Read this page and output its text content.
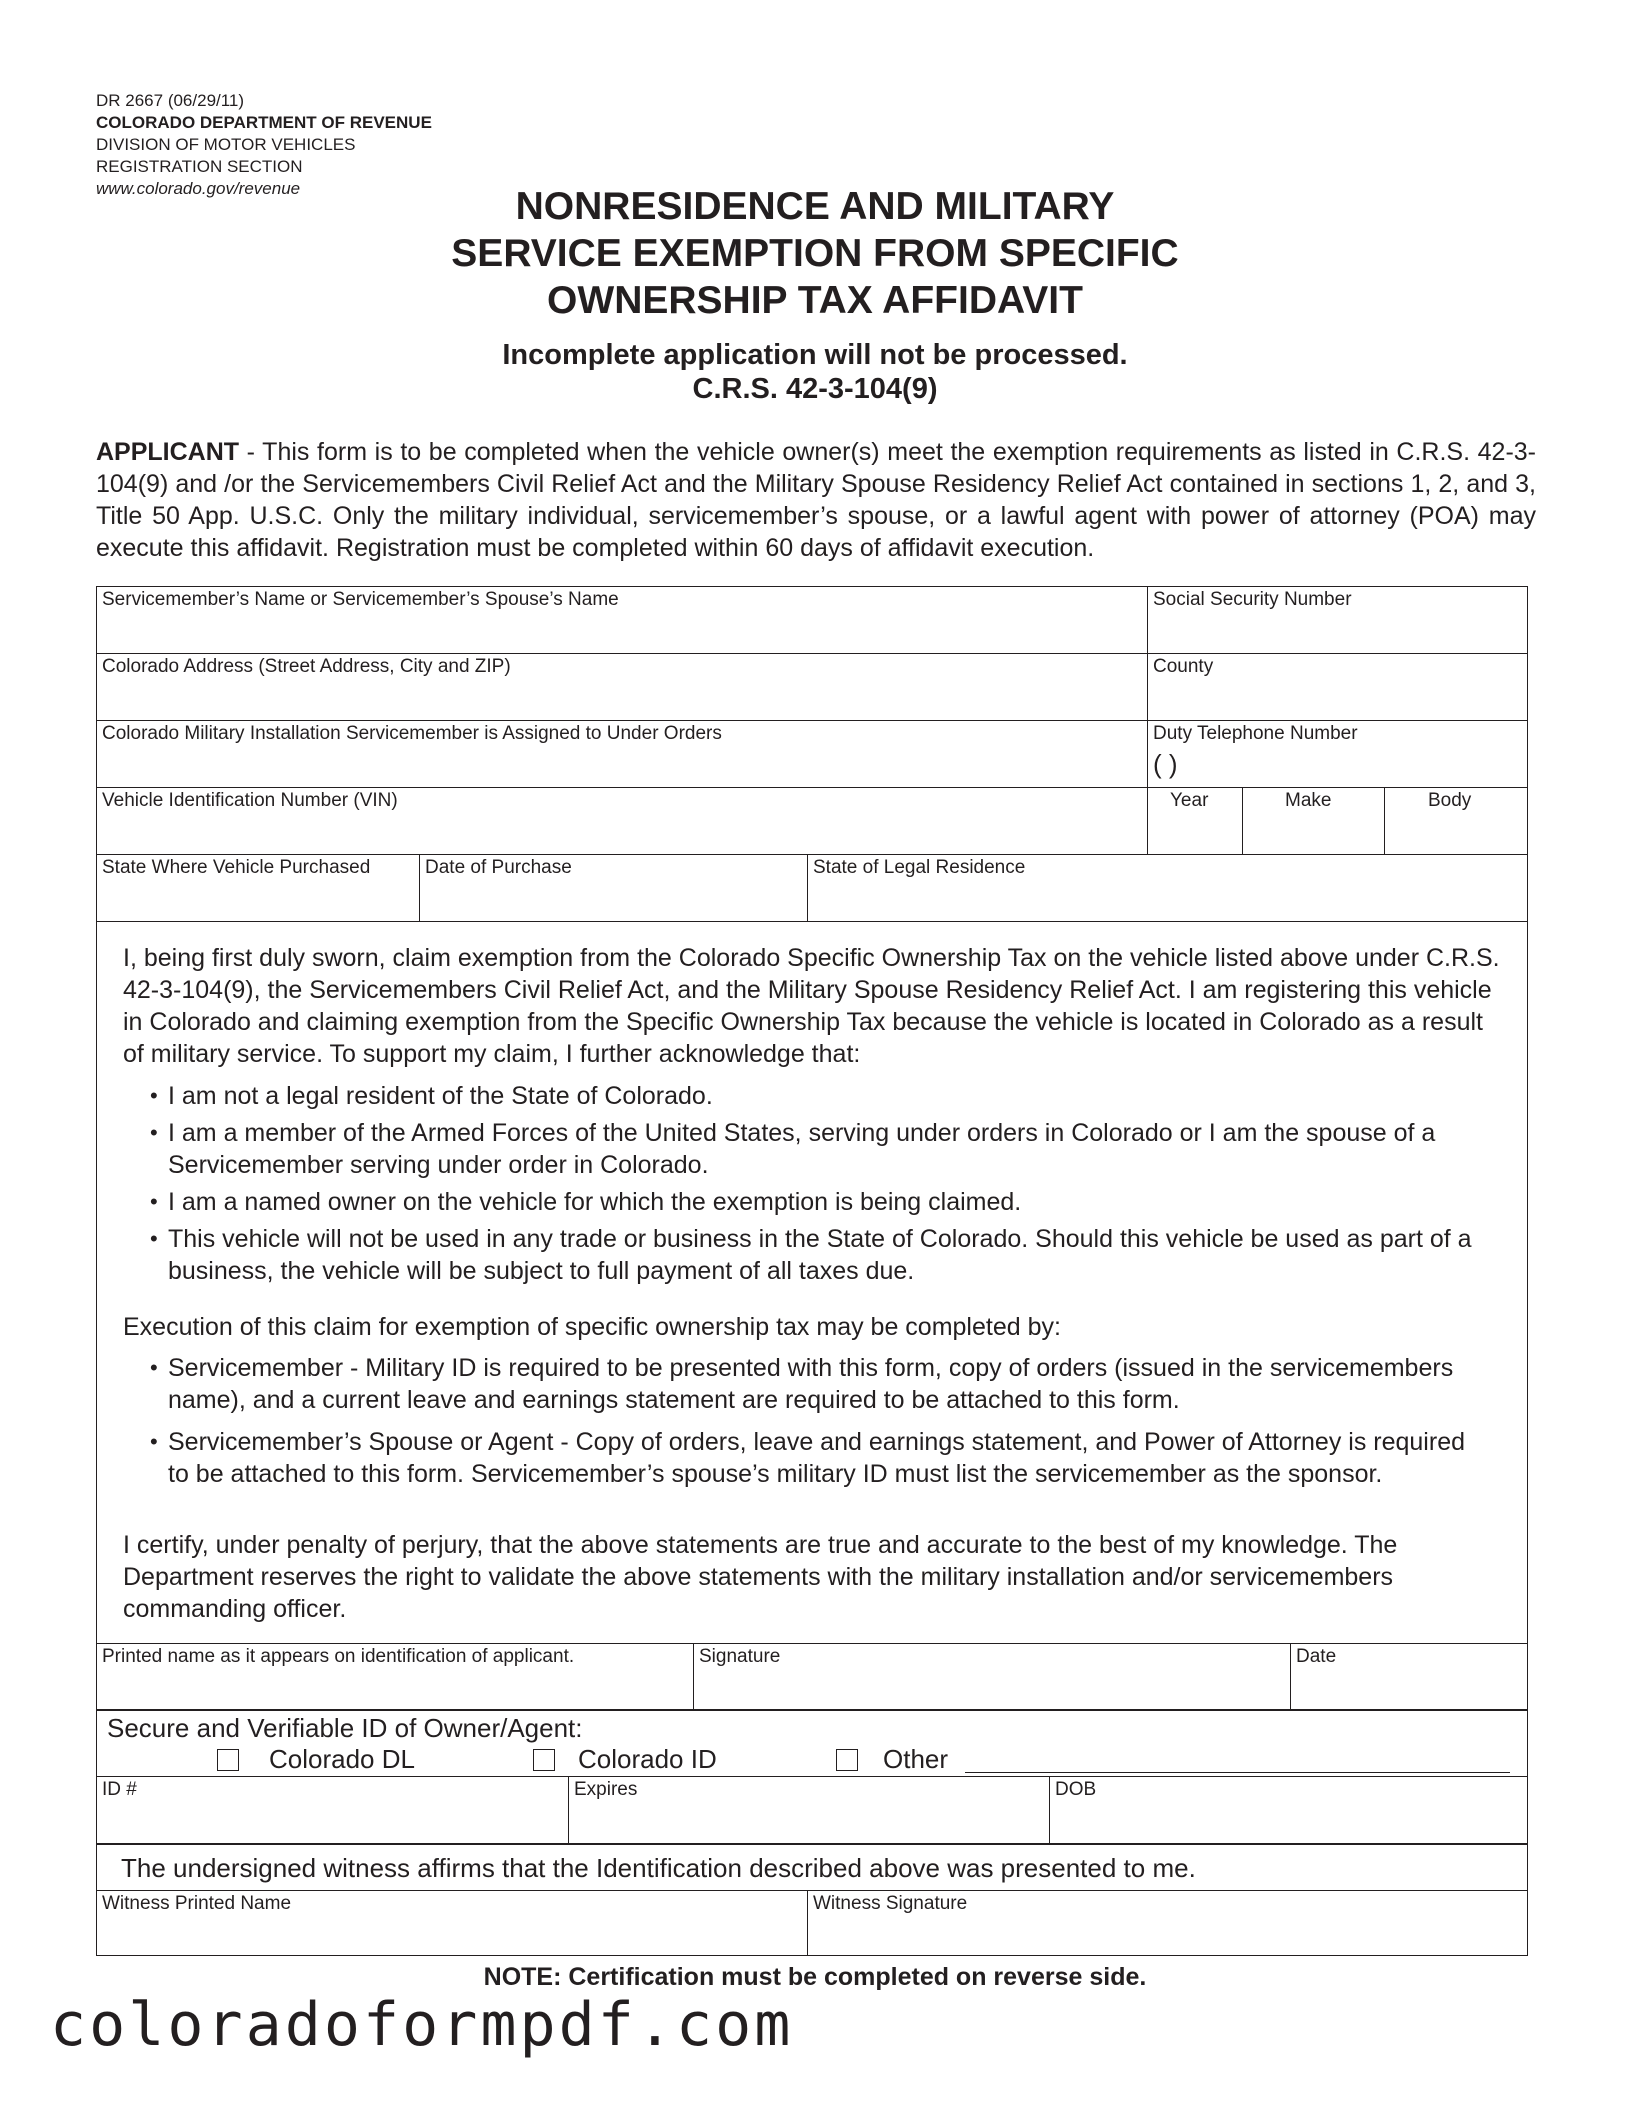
DR 2667 (06/29/11)

COLORADO DEPARTMENT OF REVENUE

DIVISION OF MOTOR VEHICLES

REGISTRATION SECTION

www.colorado.gov/revenue	NONRESIDENCE AND MILITARY

SERVICE EXEMPTION FROM SPECIFIC

OWNERSHIP TAX AFFIDAVIT

Incomplete application will not be processed.

C.R.S. 42-3-104(9)

APPLICANT - This form is to be completed when the vehicle owner(s) meet the exemption requirements as listed in C.R.S. 42-3-104(9) and /or the Servicemembers Civil Relief Act and the Military Spouse Residency Relief Act contained in sections 1, 2, and 3, Title 50 App. U.S.C. Only the military individual, servicemember’s spouse, or a lawful agent with power of attorney (POA) may execute this affidavit. Registration must be completed within 60 days of affidavit execution.

Servicemember’s Name or Servicemember’s Spouse’s Name	Social Security Number

Colorado Address (Street Address, City and ZIP)	County

Colorado Military Installation Servicemember is Assigned to Under Orders	Duty Telephone Number

( )

Vehicle Identification Number (VIN)	Year	Make	Body

State Where Vehicle Purchased	Date of Purchase	State of Legal Residence

I, being first duly sworn, claim exemption from the Colorado Specific Ownership Tax on the vehicle listed above under C.R.S. 42-3-104(9), the Servicemembers Civil Relief Act, and the Military Spouse Residency Relief Act. I am registering this vehicle in Colorado and claiming exemption from the Specific Ownership Tax because the vehicle is located in Colorado as a result of military service. To support my claim, I further acknowledge that:

• I am not a legal resident of the State of Colorado.

• I am a member of the Armed Forces of the United States, serving under orders in Colorado or I am the spouse of a Servicemember serving under order in Colorado.

• I am a named owner on the vehicle for which the exemption is being claimed.

• This vehicle will not be used in any trade or business in the State of Colorado. Should this vehicle be used as part of a business, the vehicle will be subject to full payment of all taxes due.

Execution of this claim for exemption of specific ownership tax may be completed by:

• Servicemember - Military ID is required to be presented with this form, copy of orders (issued in the servicemembers name), and a current leave and earnings statement are required to be attached to this form.

• Servicemember’s Spouse or Agent - Copy of orders, leave and earnings statement, and Power of Attorney is required to be attached to this form. Servicemember’s spouse’s military ID must list the servicemember as the sponsor.

I certify, under penalty of perjury, that the above statements are true and accurate to the best of my knowledge. The Department reserves the right to validate the above statements with the military installation and/or servicemembers commanding officer.

Printed name as it appears on identification of applicant.	Signature	Date

Secure and Verifiable ID of Owner/Agent:

Colorado DL	Colorado ID	Other

ID #	Expires	DOB

The undersigned witness affirms that the Identification described above was presented to me.

Witness Printed Name	Witness Signature

NOTE: Certification must be completed on reverse side.

coloradoformpdf.com
